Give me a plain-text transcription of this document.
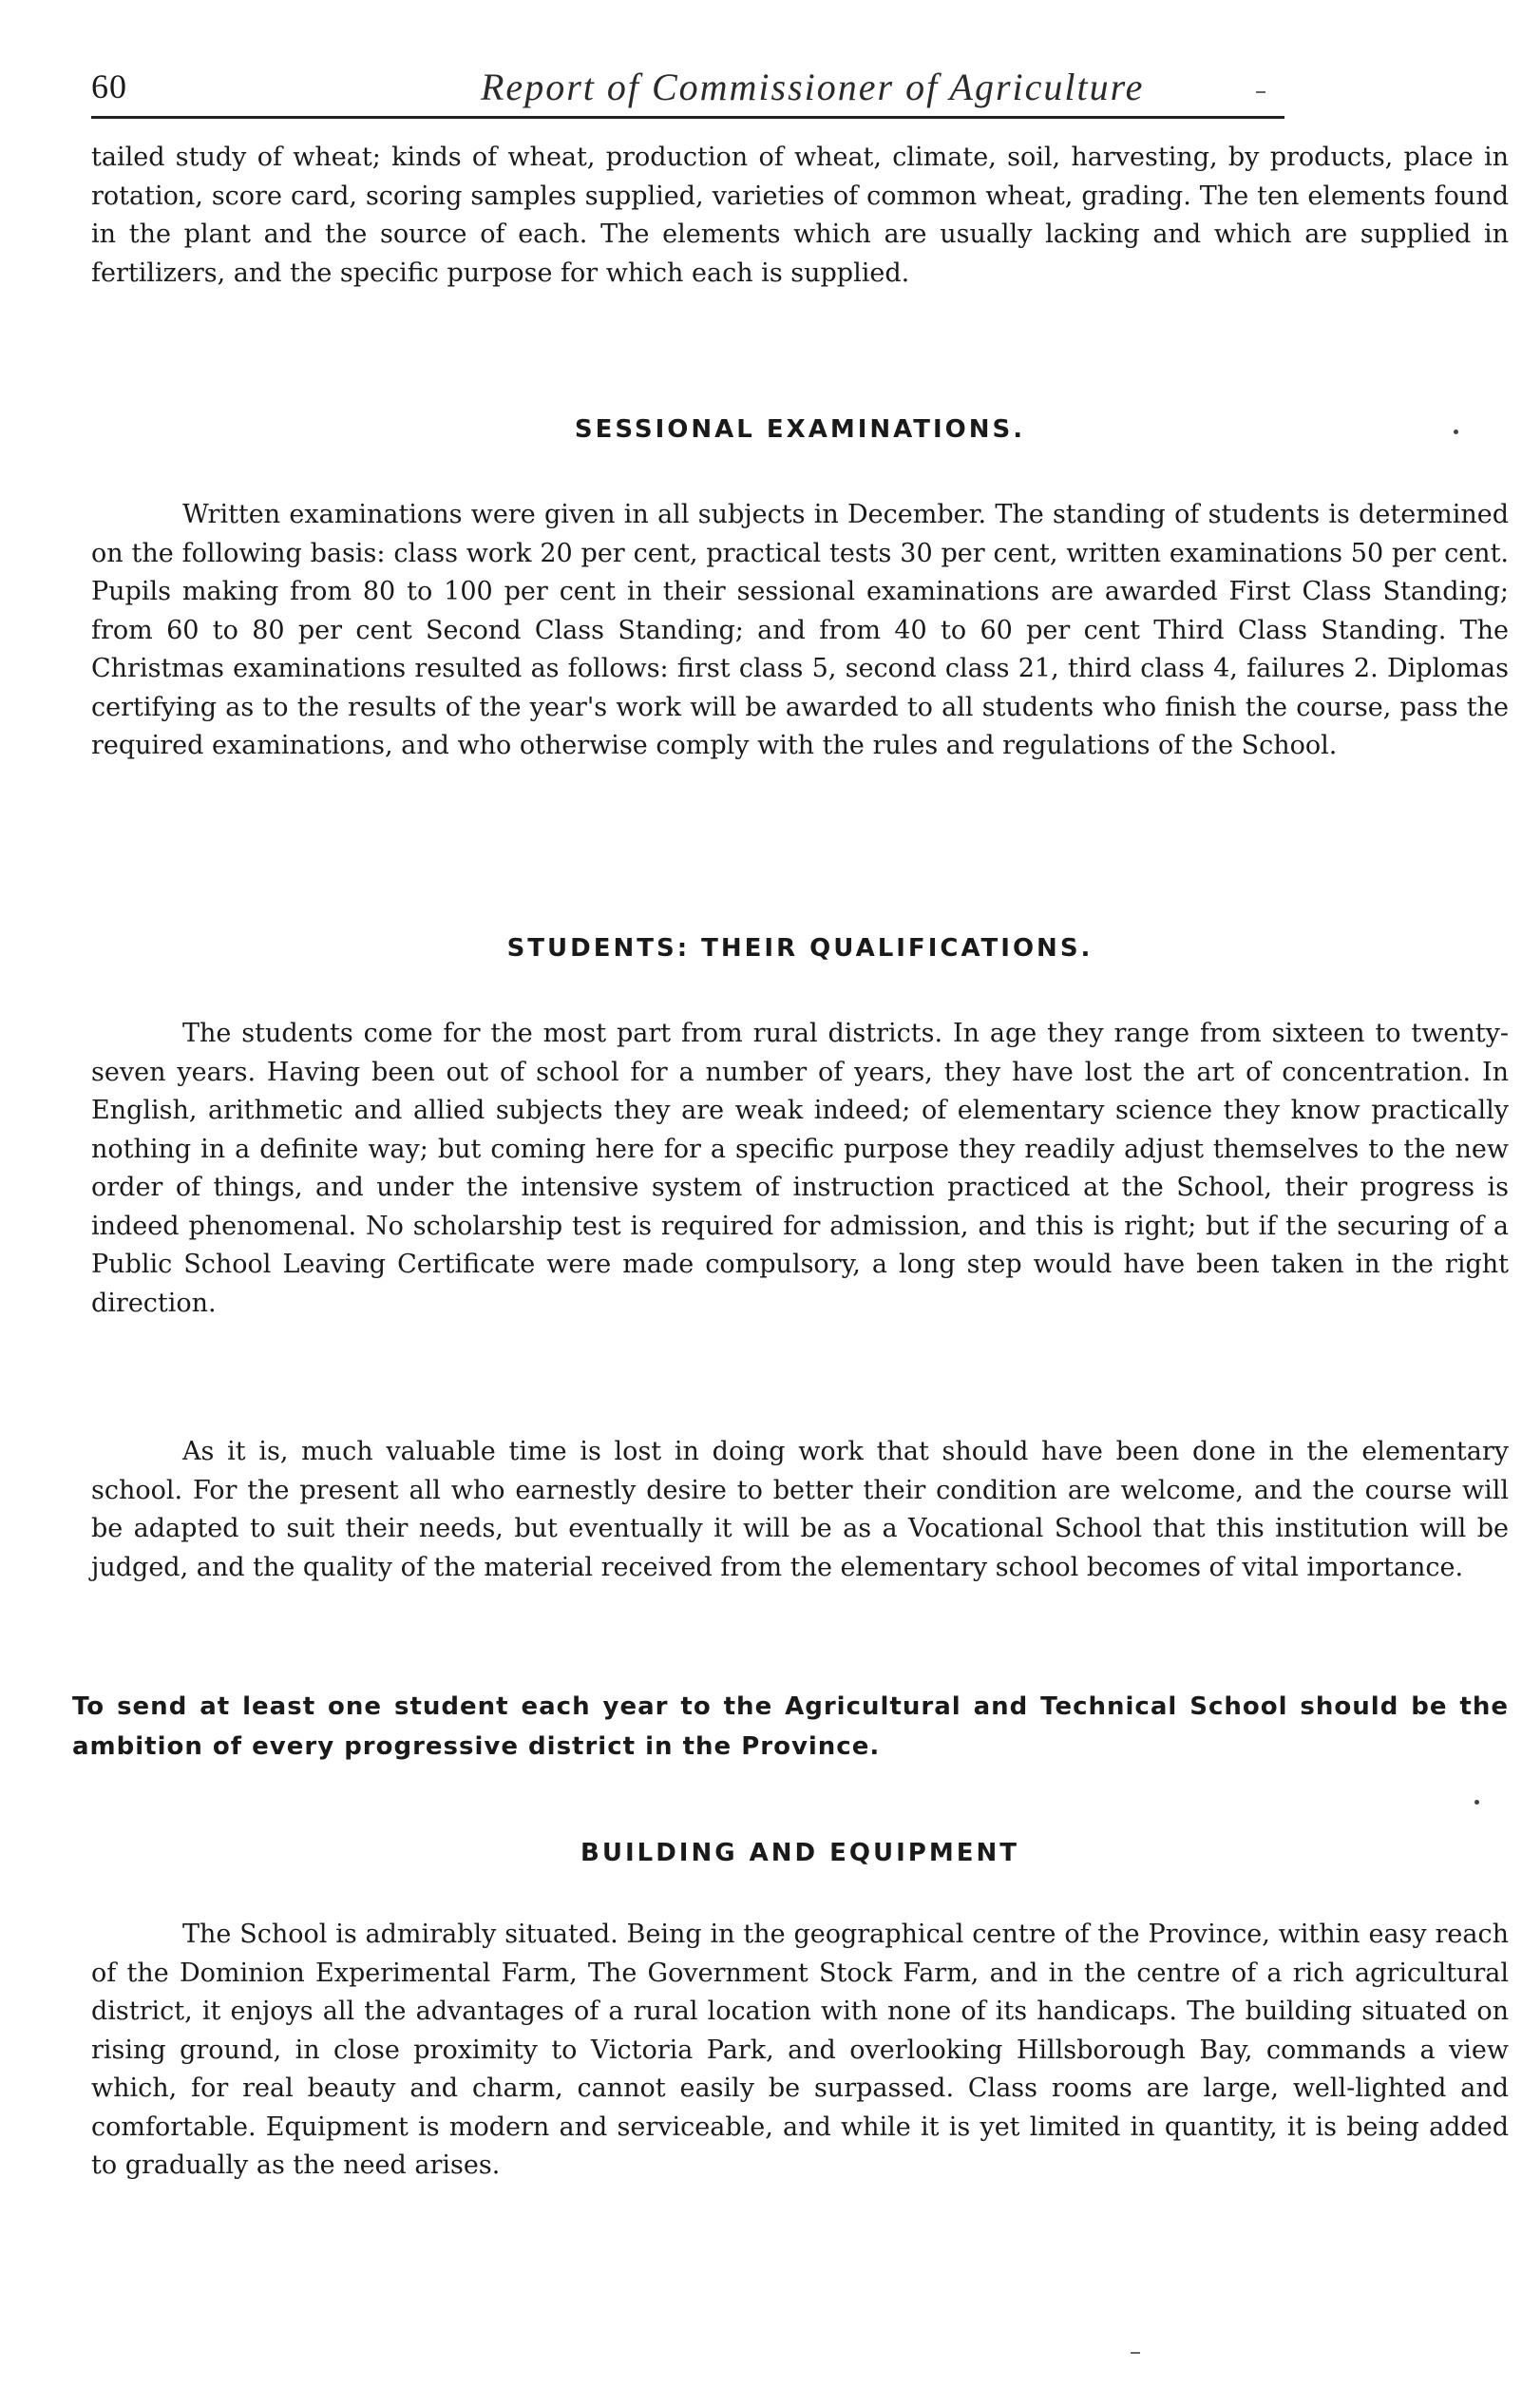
60	Report of Commissioner of Agriculture

tailed study of wheat; kinds of wheat, production of wheat, climate, soil, harvesting, by products, place in rotation, score card, scoring samples supplied, varieties of common wheat, grading. The ten elements found in the plant and the source of each. The elements which are usually lacking and which are supplied in fertilizers, and the specific purpose for which each is supplied.

SESSIONAL EXAMINATIONS.

Written examinations were given in all subjects in December. The standing of students is determined on the following basis: class work 20 per cent, practical tests 30 per cent, written examinations 50 per cent. Pupils making from 80 to 100 per cent in their sessional examinations are awarded First Class Standing; from 60 to 80 per cent Second Class Standing; and from 40 to 60 per cent Third Class Standing. The Christmas examinations resulted as follows: first class 5, second class 21, third class 4, failures 2. Diplomas certifying as to the results of the year's work will be awarded to all students who finish the course, pass the required examinations, and who otherwise comply with the rules and regulations of the School.

STUDENTS: THEIR QUALIFICATIONS.

The students come for the most part from rural districts. In age they range from sixteen to twenty-seven years. Having been out of school for a number of years, they have lost the art of concentration. In English, arithmetic and allied subjects they are weak indeed; of elementary science they know practically nothing in a definite way; but coming here for a specific purpose they readily adjust themselves to the new order of things, and under the intensive system of instruction practiced at the School, their progress is indeed phenomenal. No scholarship test is required for admission, and this is right; but if the securing of a Public School Leaving Certificate were made compulsory, a long step would have been taken in the right direction.

As it is, much valuable time is lost in doing work that should have been done in the elementary school. For the present all who earnestly desire to better their condition are welcome, and the course will be adapted to suit their needs, but eventually it will be as a Vocational School that this institution will be judged, and the quality of the material received from the elementary school becomes of vital importance.

To send at least one student each year to the Agricultural and Technical School should be the ambition of every progressive district in the Province.

BUILDING AND EQUIPMENT

The School is admirably situated. Being in the geographical centre of the Province, within easy reach of the Dominion Experimental Farm, The Government Stock Farm, and in the centre of a rich agricultural district, it enjoys all the advantages of a rural location with none of its handicaps. The building situated on rising ground, in close proximity to Victoria Park, and overlooking Hillsborough Bay, commands a view which, for real beauty and charm, cannot easily be surpassed. Class rooms are large, well-lighted and comfortable. Equipment is modern and serviceable, and while it is yet limited in quantity, it is being added to gradually as the need arises.
